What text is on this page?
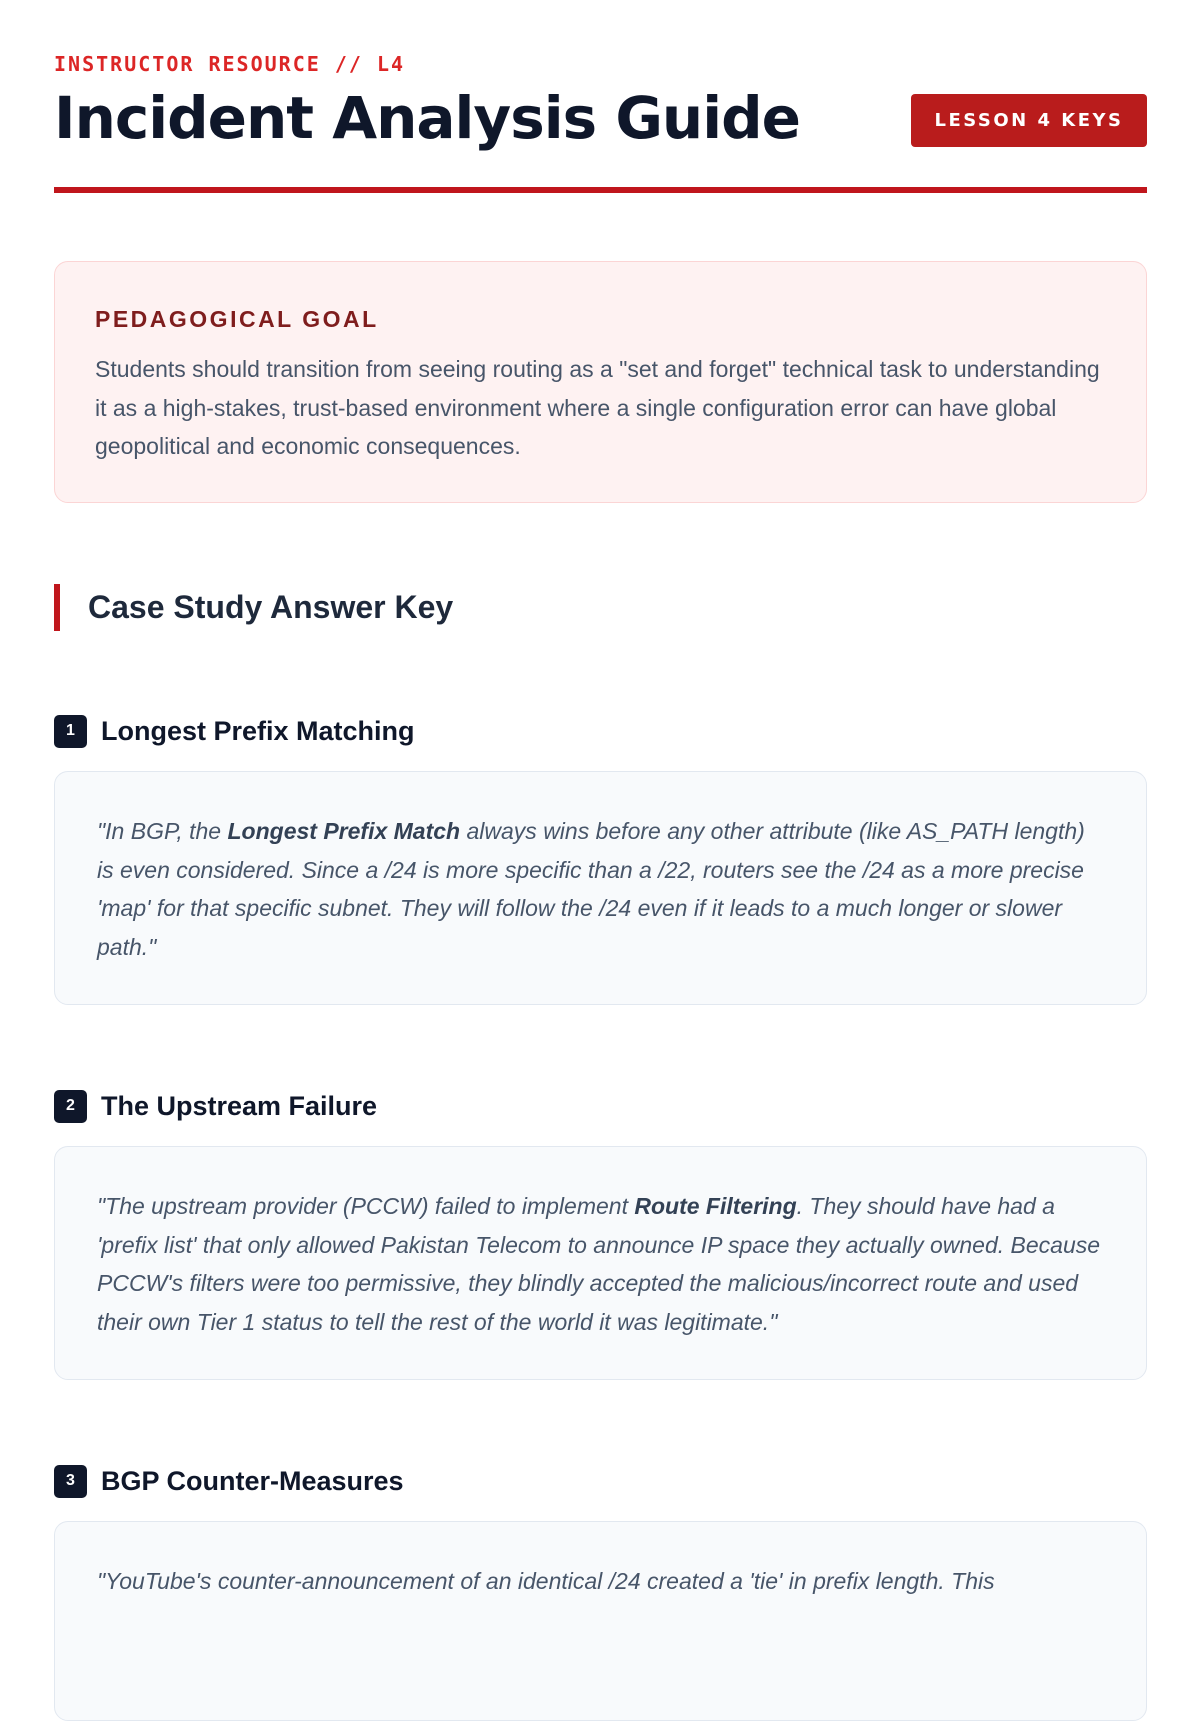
INSTRUCTOR RESOURCE // L4

Incident Analysis Guide	LESSON 4 KEYS
PEDAGOGICAL GOAL

Students should transition from seeing routing as a "set and forget" technical task to understanding it as a high-stakes, trust-based environment where a single configuration error can have global geopolitical and economic consequences.

Case Study Answer Key
1 Longest Prefix Matching

"In BGP, the Longest Prefix Match always wins before any other attribute (like AS_PATH length) is even considered. Since a /24 is more specific than a /22, routers see the /24 as a more precise 'map' for that specific subnet. They will follow the /24 even if it leads to a much longer or slower path."

2 The Upstream Failure

"The upstream provider (PCCW) failed to implement Route Filtering. They should have had a 'prefix list' that only allowed Pakistan Telecom to announce IP space they actually owned. Because PCCW's filters were too permissive, they blindly accepted the malicious/incorrect route and used their own Tier 1 status to tell the rest of the world it was legitimate."

3 BGP Counter-Measures

"YouTube's counter-announcement of an identical /24 created a 'tie' in prefix length. This
